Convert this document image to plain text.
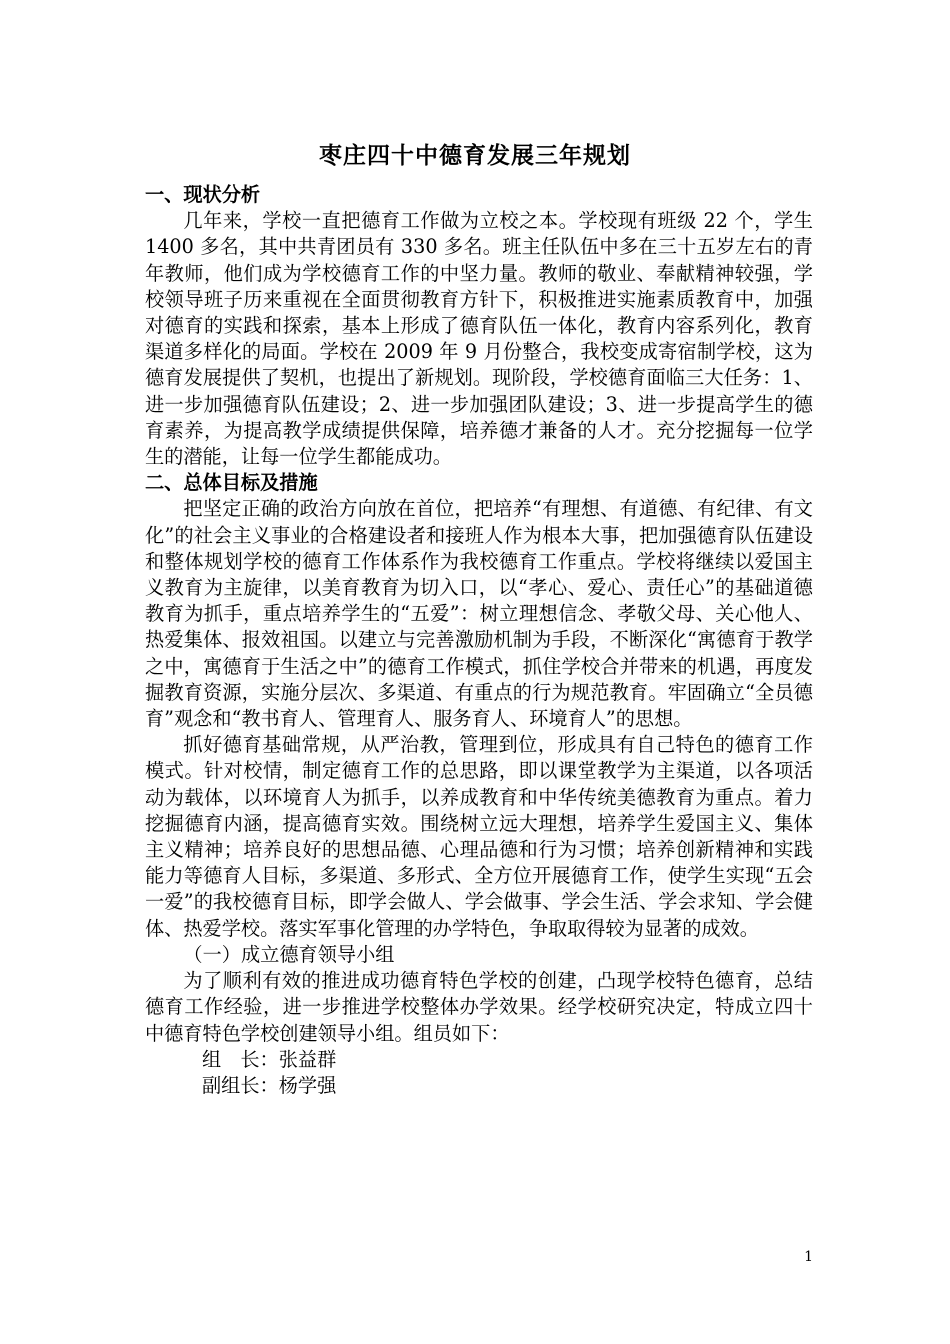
枣庄四十中德育发展三年规划

一、现状分析

几年来，学校一直把德育工作做为立校之本。学校现有班级 22 个，学生 1400 多名，其中共青团员有 330 多名。班主任队伍中多在三十五岁左右的青年教师，他们成为学校德育工作的中坚力量。教师的敬业、奉献精神较强，学校领导班子历来重视在全面贯彻教育方针下，积极推进实施素质教育中，加强对德育的实践和探索，基本上形成了德育队伍一体化，教育内容系列化，教育渠道多样化的局面。学校在 2009 年 9 月份整合，我校变成寄宿制学校，这为德育发展提供了契机，也提出了新规划。现阶段，学校德育面临三大任务：1、进一步加强德育队伍建设；2、进一步加强团队建设；3、进一步提高学生的德育素养，为提高教学成绩提供保障，培养德才兼备的人才。充分挖掘每一位学生的潜能，让每一位学生都能成功。

二、总体目标及措施

把坚定正确的政治方向放在首位，把培养“有理想、有道德、有纪律、有文化”的社会主义事业的合格建设者和接班人作为根本大事，把加强德育队伍建设和整体规划学校的德育工作体系作为我校德育工作重点。学校将继续以爱国主义教育为主旋律，以美育教育为切入口，以“孝心、爱心、责任心”的基础道德教育为抓手，重点培养学生的“五爱”：树立理想信念、孝敬父母、关心他人、热爱集体、报效祖国。以建立与完善激励机制为手段，不断深化“寓德育于教学之中，寓德育于生活之中”的德育工作模式，抓住学校合并带来的机遇，再度发掘教育资源，实施分层次、多渠道、有重点的行为规范教育。牢固确立“全员德育”观念和“教书育人、管理育人、服务育人、环境育人”的思想。

抓好德育基础常规，从严治教，管理到位，形成具有自己特色的德育工作模式。针对校情，制定德育工作的总思路，即以课堂教学为主渠道，以各项活动为载体，以环境育人为抓手，以养成教育和中华传统美德教育为重点。着力挖掘德育内涵，提高德育实效。围绕树立远大理想，培养学生爱国主义、集体主义精神；培养良好的思想品德、心理品德和行为习惯；培养创新精神和实践能力等德育人目标，多渠道、多形式、全方位开展德育工作，使学生实现“五会一爱”的我校德育目标，即学会做人、学会做事、学会生活、学会求知、学会健体、热爱学校。落实军事化管理的办学特色，争取取得较为显著的成效。

（一）成立德育领导小组

为了顺利有效的推进成功德育特色学校的创建，凸现学校特色德育，总结德育工作经验，进一步推进学校整体办学效果。经学校研究决定，特成立四十中德育特色学校创建领导小组。组员如下：

组　长：张益群

副组长：杨学强

1
